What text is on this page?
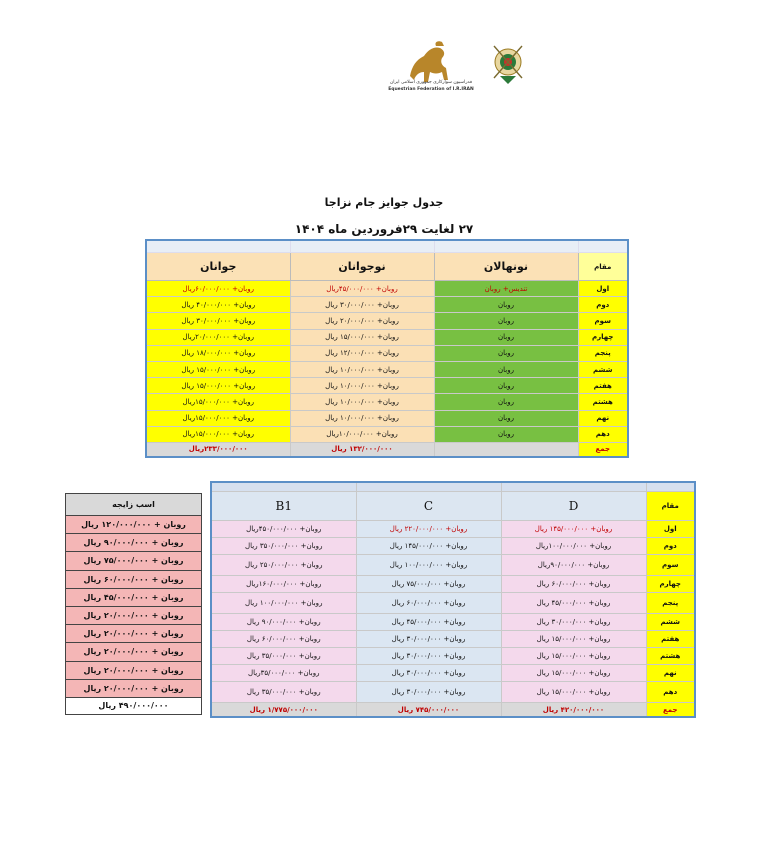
فدراسیون سوارکاری جمهوری اسلامی ایران
Equestrian Federation of I.R.IRAN
جدول جوایز جام نزاجا
۲۷ لغایت ۲۹فروردین ماه ۱۴۰۴

جوانان	نوجوانان	نونهالان	مقام
روبان+ ۶۰/۰۰۰/۰۰۰ریال	روبان+ ۴۵/۰۰۰/۰۰۰ریال	تندیس+ روبان	اول
روبان+ ۴۰/۰۰۰/۰۰۰ ریال	روبان+ ۳۰/۰۰۰/۰۰۰ ریال	روبان	دوم
روبان+ ۳۰/۰۰۰/۰۰۰ ریال	روبان+ ۲۰/۰۰۰/۰۰۰ ریال	روبان	سوم
روبان+ ۲۰/۰۰۰/۰۰۰ریال	روبان+ ۱۵/۰۰۰/۰۰۰ ریال	روبان	چهارم
روبان+ ۱۸/۰۰۰/۰۰۰ ریال	روبان+ ۱۲/۰۰۰/۰۰۰ ریال	روبان	پنجم
روبان+ ۱۵/۰۰۰/۰۰۰ ریال	روبان+ ۱۰/۰۰۰/۰۰۰ ریال	روبان	ششم
روبان+ ۱۵/۰۰۰/۰۰۰ ریال	روبان+ ۱۰/۰۰۰/۰۰۰ ریال	روبان	هفتم
روبان+ ۱۵/۰۰۰/۰۰۰ریال	روبان+ ۱۰/۰۰۰/۰۰۰ ریال	روبان	هشتم
روبان+ ۱۵/۰۰۰/۰۰۰ریال	روبان+ ۱۰/۰۰۰/۰۰۰ ریال	روبان	نهم
روبان+ ۱۵/۰۰۰/۰۰۰ریال	روبان+ ۱۰/۰۰۰/۰۰۰ریال	روبان	دهم
۲۳۳/۰۰۰/۰۰۰ریال	۱۳۲/۰۰۰/۰۰۰ ریال		جمع

B1	C	D	مقام
روبان+ ۴۵۰/۰۰۰/۰۰۰ریال	روبان+ ۲۲۰/۰۰۰/۰۰۰ ریال	روبان+ ۱۴۵/۰۰۰/۰۰۰ ریال	اول
روبان+ ۳۵۰/۰۰۰/۰۰۰ ریال	روبان+ ۱۴۵/۰۰۰/۰۰۰ ریال	روبان+ ۱۰۰/۰۰۰/۰۰۰ریال	دوم
روبان+ ۲۵۰/۰۰۰/۰۰۰ ریال	روبان+ ۱۰۰/۰۰۰/۰۰۰ ریال	روبان+ ۹۰/۰۰۰/۰۰۰ریال	سوم
روبان+ ۱۶۰/۰۰۰/۰۰۰ریال	روبان+ ۷۵/۰۰۰/۰۰۰ ریال	روبان+ ۶۰/۰۰۰/۰۰۰ ریال	چهارم
روبان+ ۱۰۰/۰۰۰/۰۰۰ ریال	روبان+ ۶۰/۰۰۰/۰۰۰ ریال	روبان+ ۴۵/۰۰۰/۰۰۰ ریال	پنجم
روبان+ ۹۰/۰۰۰/۰۰۰ ریال	روبان+ ۴۵/۰۰۰/۰۰۰ ریال	روبان+ ۳۰/۰۰۰/۰۰۰ ریال	ششم
روبان+ ۶۰/۰۰۰/۰۰۰ ریال	روبان+ ۳۰/۰۰۰/۰۰۰ ریال	روبان+ ۱۵/۰۰۰/۰۰۰ ریال	هفتم
روبان+ ۳۵/۰۰۰/۰۰۰ ریال	روبان+ ۳۰/۰۰۰/۰۰۰ ریال	روبان+ ۱۵/۰۰۰/۰۰۰ ریال	هشتم
روبان+ ۳۵/۰۰۰/۰۰۰ریال	روبان+ ۳۰/۰۰۰/۰۰۰ ریال	روبان+ ۱۵/۰۰۰/۰۰۰ ریال	نهم
روبان+ ۳۵/۰۰۰/۰۰۰ ریال	روبان+ ۳۰/۰۰۰/۰۰۰ ریال	روبان+ ۱۵/۰۰۰/۰۰۰ ریال	دهم
۱/۷۷۵/۰۰۰/۰۰۰ ریال	۷۴۵/۰۰۰/۰۰۰ ریال	۴۲۰/۰۰۰/۰۰۰ ریال	جمع
اسب زایجه
روبان + ۱۲۰/۰۰۰/۰۰۰ ریال
روبان + ۹۰/۰۰۰/۰۰۰ ریال
روبان + ۷۵/۰۰۰/۰۰۰ ریال
روبان + ۶۰/۰۰۰/۰۰۰ ریال
روبان + ۴۵/۰۰۰/۰۰۰ ریال
روبان + ۲۰/۰۰۰/۰۰۰ ریال
روبان + ۲۰/۰۰۰/۰۰۰ ریال
روبان + ۲۰/۰۰۰/۰۰۰ ریال
روبان + ۲۰/۰۰۰/۰۰۰ ریال
روبان + ۲۰/۰۰۰/۰۰۰ ریال
۴۹۰/۰۰۰/۰۰۰ ریال
